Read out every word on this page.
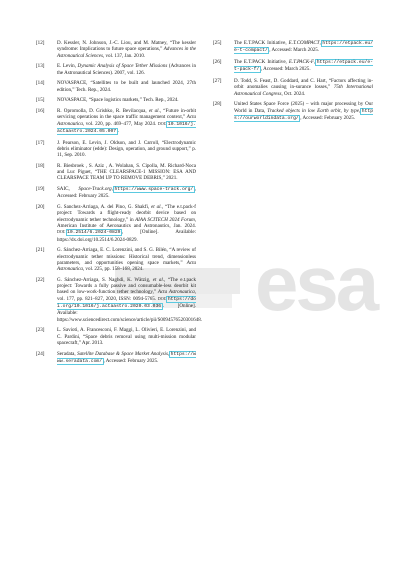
esa
[12] D. Kessler, N. Johnson, J.-C. Liou, and M. Matney, “The kessler syndrome: Implications to future space operations,” Advances in the Astronautical Sciences, vol. 137, Jan. 2010.
[13] E. Levin, Dynamic Analysis of Space Tether Missions (Advances in the Astronautical Sciences). 2007, vol. 126.
[14] NOVASPACE, “Satellites to be built and launched 2024, 27th edition,” Tech. Rep., 2024.
[15] NOVASPACE, “Space logistics markets,” Tech. Rep., 2024.
[16] R. Opromolla, D. Grishko, R. Bevilacqua, et al., “Future in-orbit servicing operations in the space traffic management context,” Acta Astronautica, vol. 220, pp. 469–477, May 2024. doi: 10.1016/j.actaastro.2024.05.007 .
[17] J. Pearson, E. Levin, J. Oldson, and J. Carroll, “Electrodynamic debris eliminator (edde): Design, operation, and ground support,” p. 11, Sep. 2010.
[18] R. Biesbroek , S. Aziz , A. Wolahan, S. Cipolla, M. Richard-Noca and Luc Piguet, “THE CLEARSPACE-1 MISSION: ESA AND CLEARSPACE TEAM UP TO REMOVE DEBRIS,” 2021.
[19] SAIC, Space-Track.org, https://www.space-track.org/ , Accessed: February 2025.
[20] G. Sanchez-Arriaga, A. del Pino, G. Shakfi, et al., “The e.t.pack-f project: Towards a flight-ready deorbit device based on electrodynamic tether technology,” in AIAA SCITECH 2024 Forum, American Institute of Aeronautics and Astronautics, Jan. 2024. doi: 10.2514/6.2024-0829 , [Online]. Available: https://dx.doi.org/10.2514/6.2024-0829.
[21] G. Sánchez-Arriaga, E. C. Lorenzini, and S. G. Bilén, “A review of electrodynamic tether missions: Historical trend, dimensionless parameters, and opportunities opening space markets,” Acta Astronautica, vol. 225, pp. 158–168, 2024.
[22] G. Sánchez-Arriaga, S. Naghdi, K. Wätzig, et al., “The e.t.pack project: Towards a fully passive and consumable-less deorbit kit based on low-work-function tether technology,” Acta Astronautica, vol. 177, pp. 821–827, 2020, ISSN: 0094-5765. doi: https://doi.org/10.1016/j.actaastro.2020.03.036 . [Online]. Available: https://www.sciencedirect.com/science/article/pii/S0094576520301648.
[23] L. Saviotì, A. Francesconi, F. Maggi, L. Olivieri, E. Lorenzini, and C. Pardini, “Space debris removal using multi-mission modular spacecraft,” Apr. 2013.
[24] Seradata, Satellite Database & Space Market Analysis, https://www.seradata.com/ , Accessed: February 2025.
[25] The E.T.PACK Initiative, E.T.COMPACT, https://etpack.eu/e-t-compact/ , Accessed: March 2025.
[26] The E.T.PACK Initiative, E.T.PACK-F, https://etpack.eu/e-t-pack-f/ , Accessed: March 2025.
[27] D. Todd, S. Feast, D. Goddard, and C. Hart, “Factors affecting in-orbit anomalies causing in-surance losses,” 75th International Astronautical Congress, Oct. 2024.
[28] United States Space Force (2025) – with major processing by Our World in Data, Tracked objects in low Earth orbit, by type, https://ourworldindata.org/ , Accessed: February 2025.
